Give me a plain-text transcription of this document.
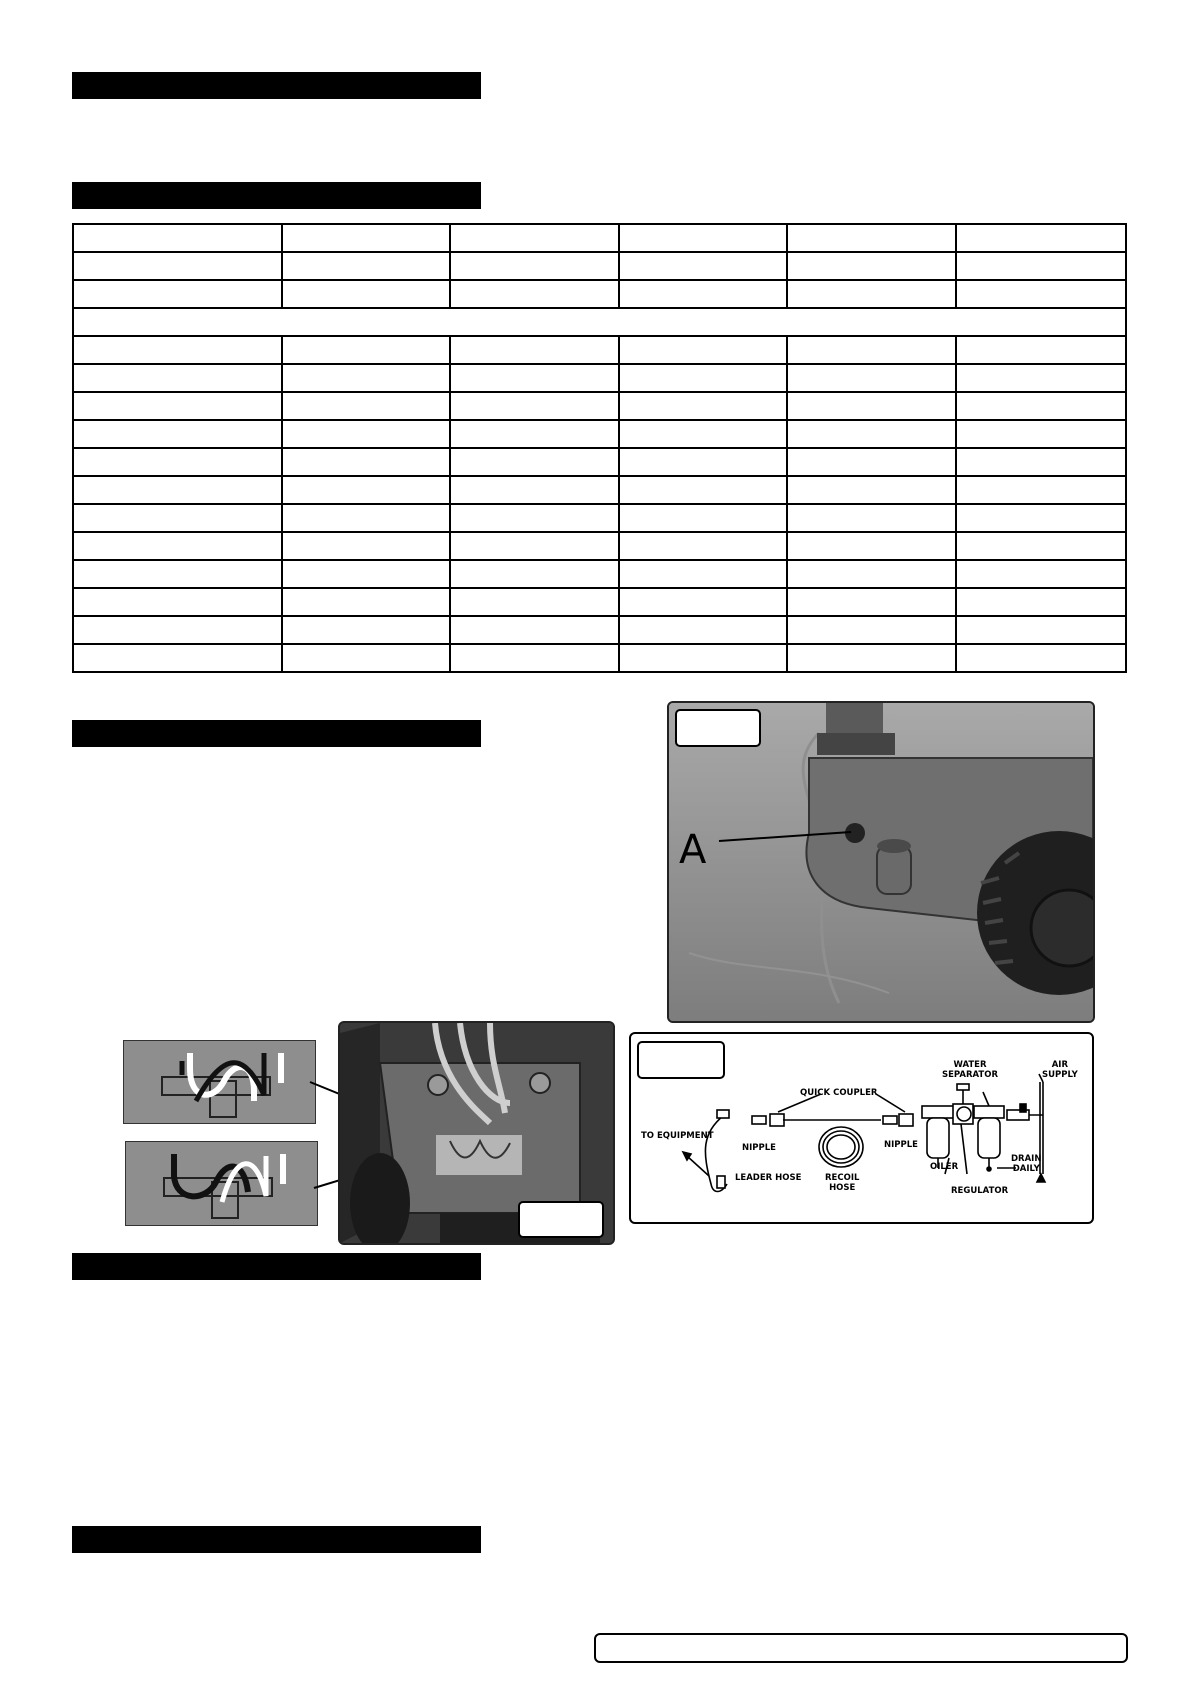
A
TO EQUIPMENT
NIPPLE
LEADER HOSE
QUICK COUPLER
RECOIL
HOSE
NIPPLE
WATER
SEPARATOR
OILER
REGULATOR
DRAIN
DAILY
AIR
SUPPLY
